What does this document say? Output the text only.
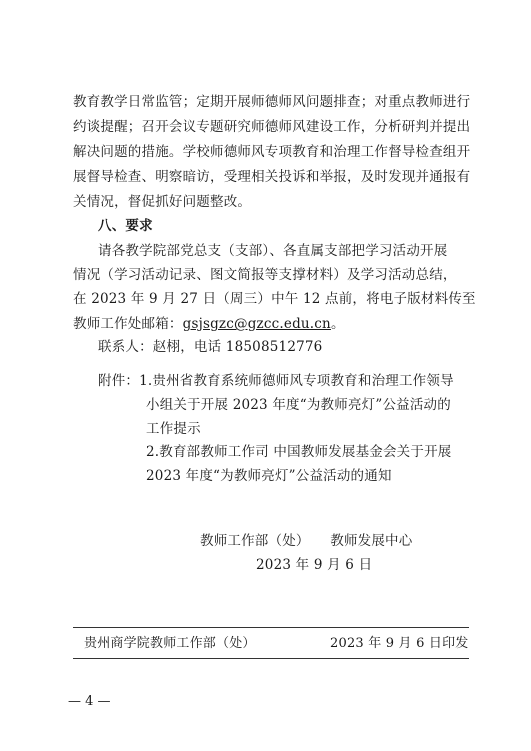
教育教学日常监管；定期开展师德师风问题排查；对重点教师进行
约谈提醒；召开会议专题研究师德师风建设工作，分析研判并提出
解决问题的措施。学校师德师风专项教育和治理工作督导检查组开
展督导检查、明察暗访，受理相关投诉和举报，及时发现并通报有
关情况，督促抓好问题整改。
八、要求
请各教学院部党总支（支部）、各直属支部把学习活动开展
情况（学习活动记录、图文简报等支撑材料）及学习活动总结，
在 2023 年 9 月 27 日（周三）中午 12 点前，将电子版材料传至
教师工作处邮箱：gsjsgzc@gzcc.edu.cn。
联系人：赵栩，电话 18508512776
附件：1.贵州省教育系统师德师风专项教育和治理工作领导
小组关于开展 2023 年度“为教师亮灯”公益活动的
工作提示
2.教育部教师工作司 中国教师发展基金会关于开展
2023 年度“为教师亮灯”公益活动的通知
教师工作部（处）　　教师发展中心
2023 年 9 月 6 日
贵州商学院教师工作部（处）	2023 年 9 月 6 日印发
— 4 —
